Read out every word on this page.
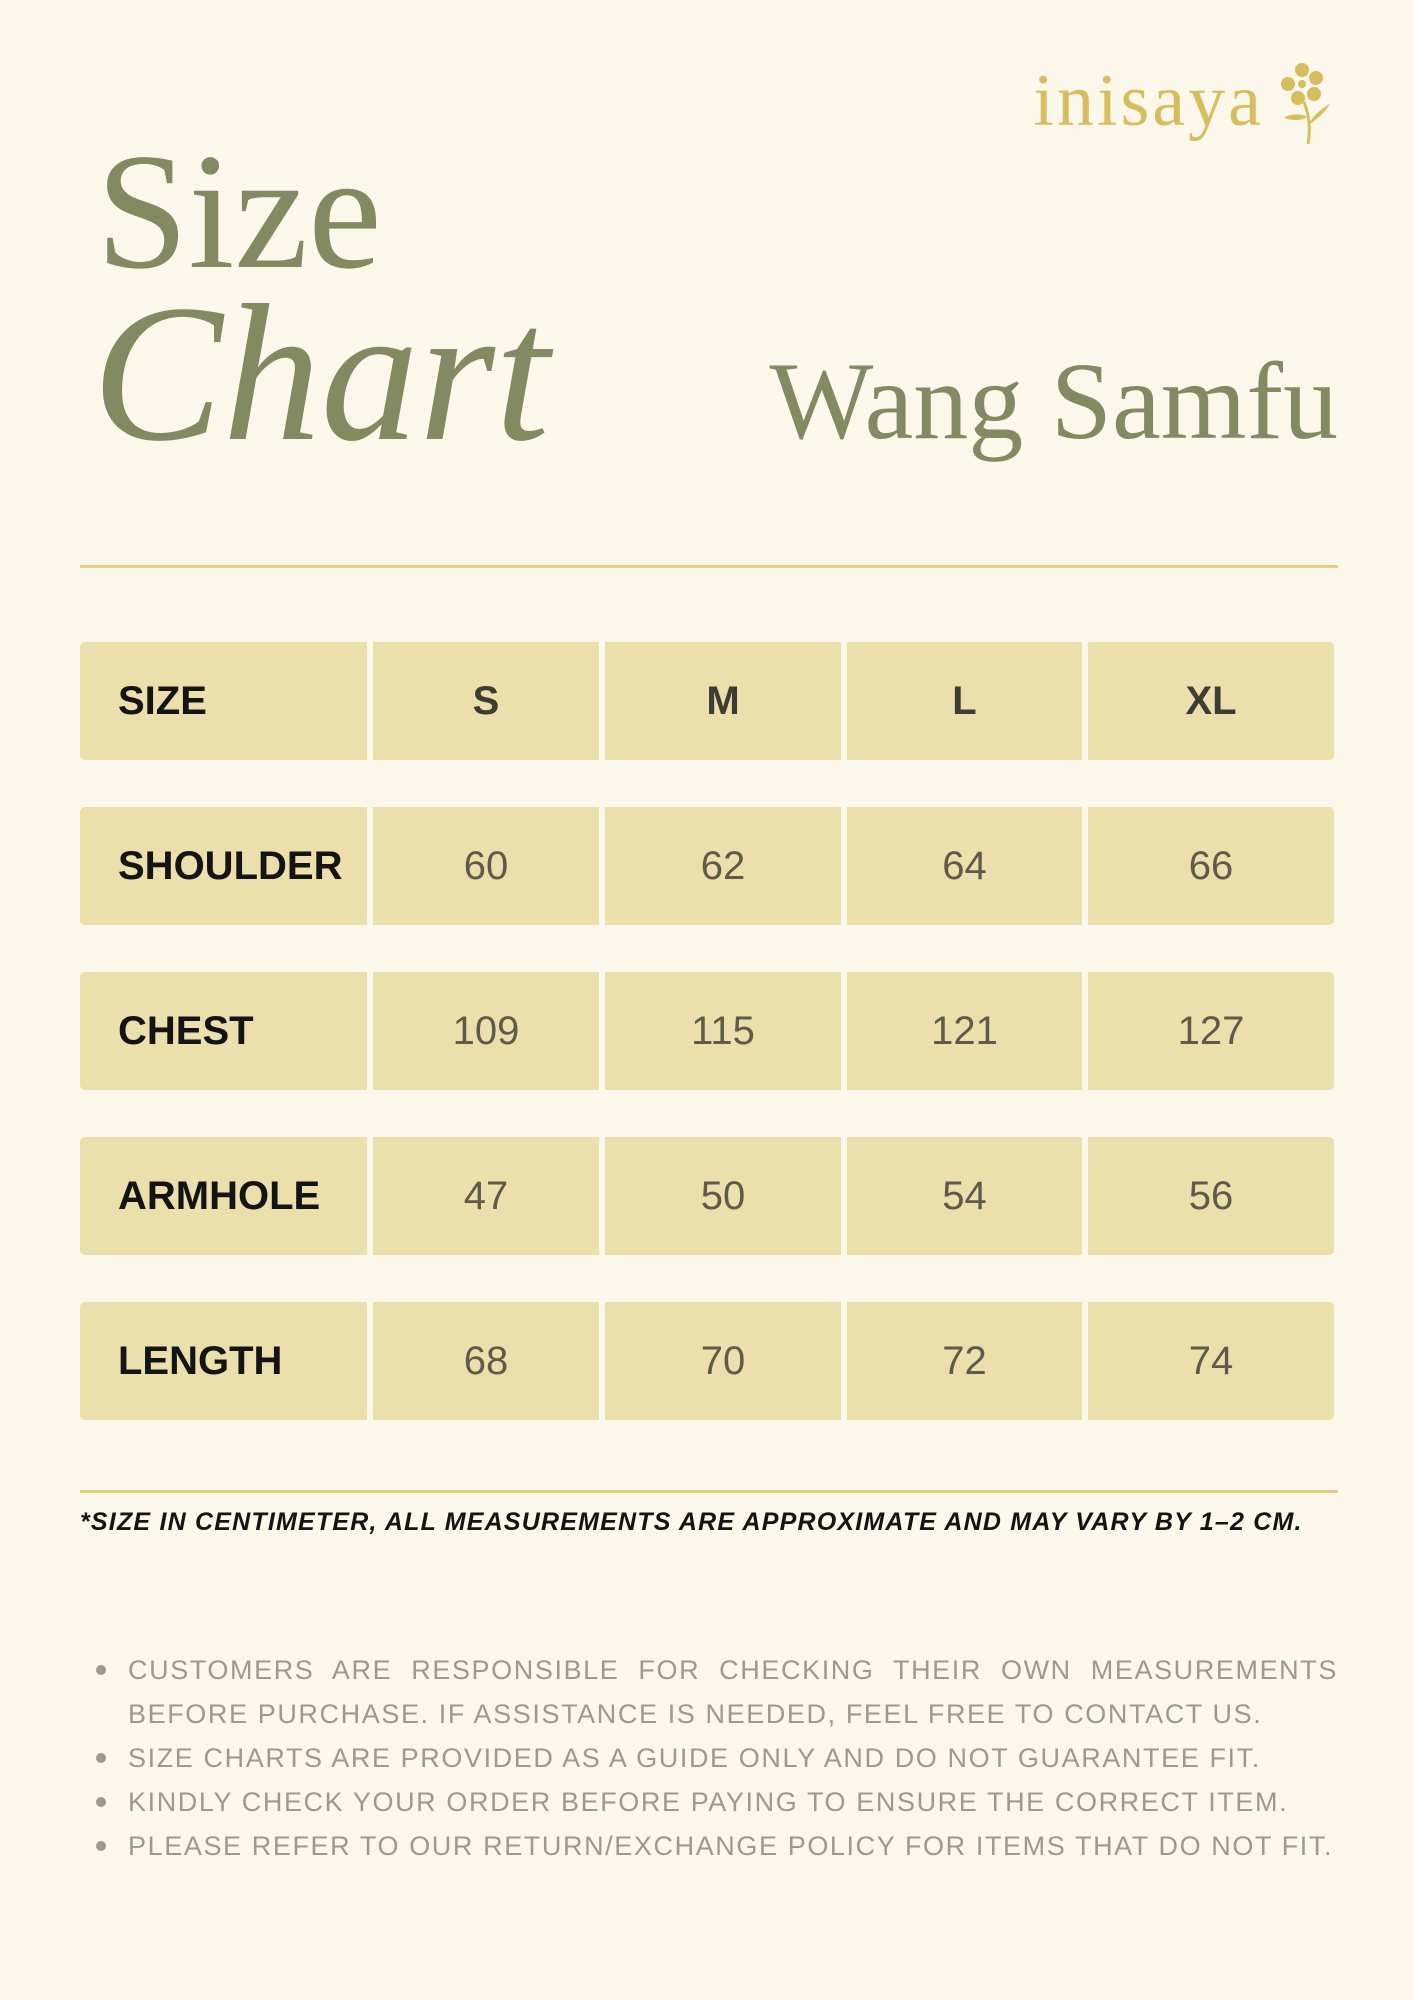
inisaya
Size
Chart Wang Samfu
SIZE	S	M	L	XL
SHOULDER	60	62	64	66
CHEST	109	115	121	127
ARMHOLE	47	50	54	56
LENGTH	68	70	72	74
*SIZE IN CENTIMETER, ALL MEASUREMENTS ARE APPROXIMATE AND MAY VARY BY 1–2 CM.
CUSTOMERS ARE RESPONSIBLE FOR CHECKING THEIR OWN MEASUREMENTS BEFORE PURCHASE. IF ASSISTANCE IS NEEDED, FEEL FREE TO CONTACT US.
SIZE CHARTS ARE PROVIDED AS A GUIDE ONLY AND DO NOT GUARANTEE FIT.
KINDLY CHECK YOUR ORDER BEFORE PAYING TO ENSURE THE CORRECT ITEM.
PLEASE REFER TO OUR RETURN/EXCHANGE POLICY FOR ITEMS THAT DO NOT FIT.
